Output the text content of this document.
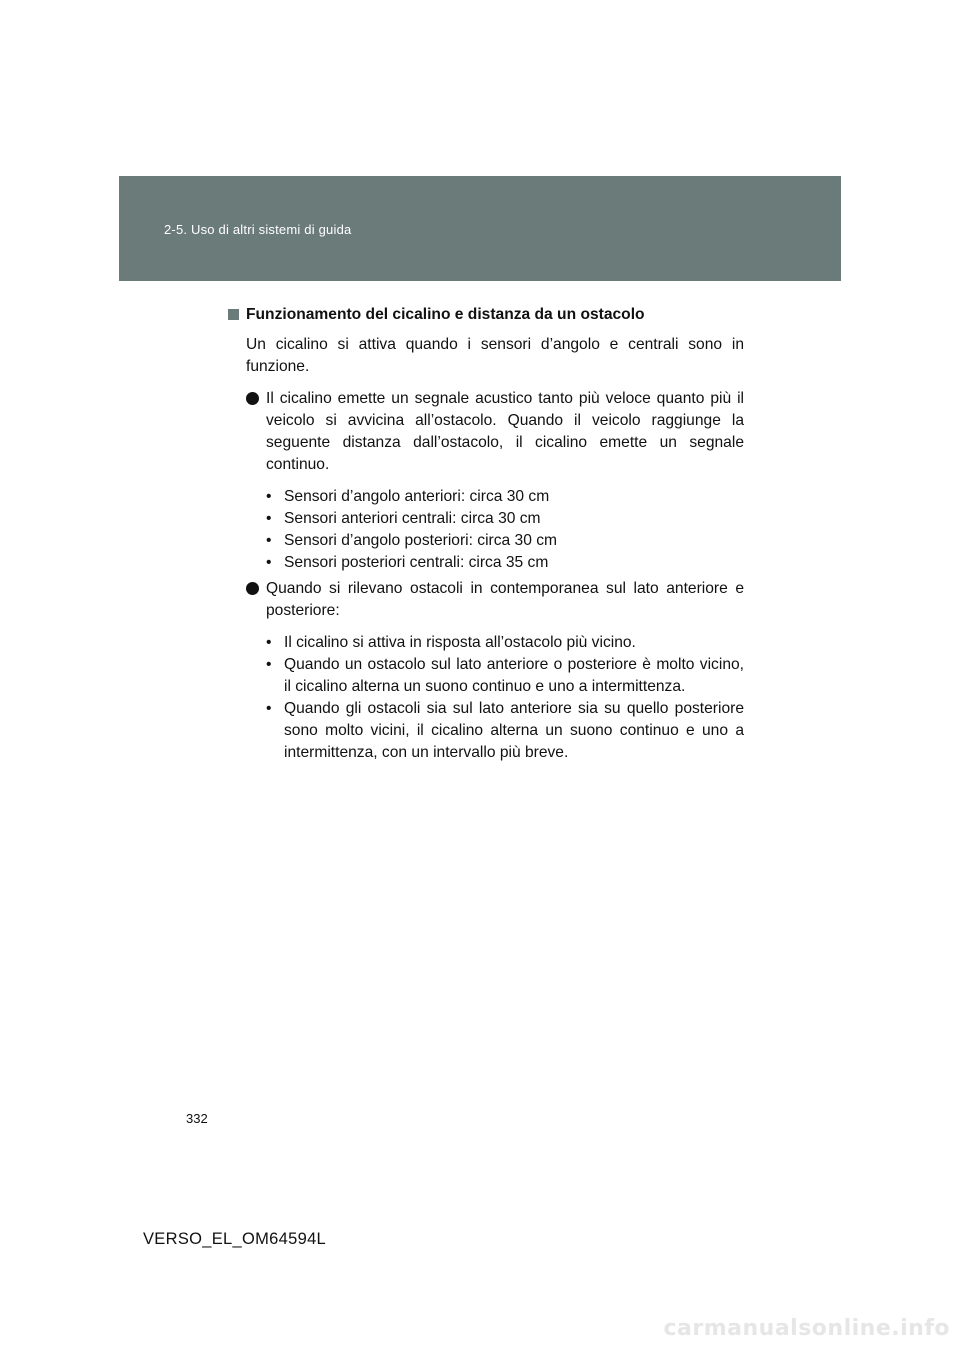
2-5. Uso di altri sistemi di guida
Funzionamento del cicalino e distanza da un ostacolo
Un cicalino si attiva quando i sensori d’angolo e centrali sono in funzione.
Il cicalino emette un segnale acustico tanto più veloce quanto più il veicolo si avvicina all’ostacolo. Quando il veicolo raggiunge la seguente distanza dall’ostacolo, il cicalino emette un segnale continuo.
• Sensori d’angolo anteriori: circa 30 cm
• Sensori anteriori centrali: circa 30 cm
• Sensori d’angolo posteriori: circa 30 cm
• Sensori posteriori centrali: circa 35 cm
Quando si rilevano ostacoli in contemporanea sul lato anteriore e posteriore:
• Il cicalino si attiva in risposta all’ostacolo più vicino.
• Quando un ostacolo sul lato anteriore o posteriore è molto vicino, il cicalino alterna un suono continuo e uno a intermittenza.
• Quando gli ostacoli sia sul lato anteriore sia su quello posteriore sono molto vicini, il cicalino alterna un suono continuo e uno a intermittenza, con un intervallo più breve.
332
VERSO_EL_OM64594L
carmanualsonline.info
